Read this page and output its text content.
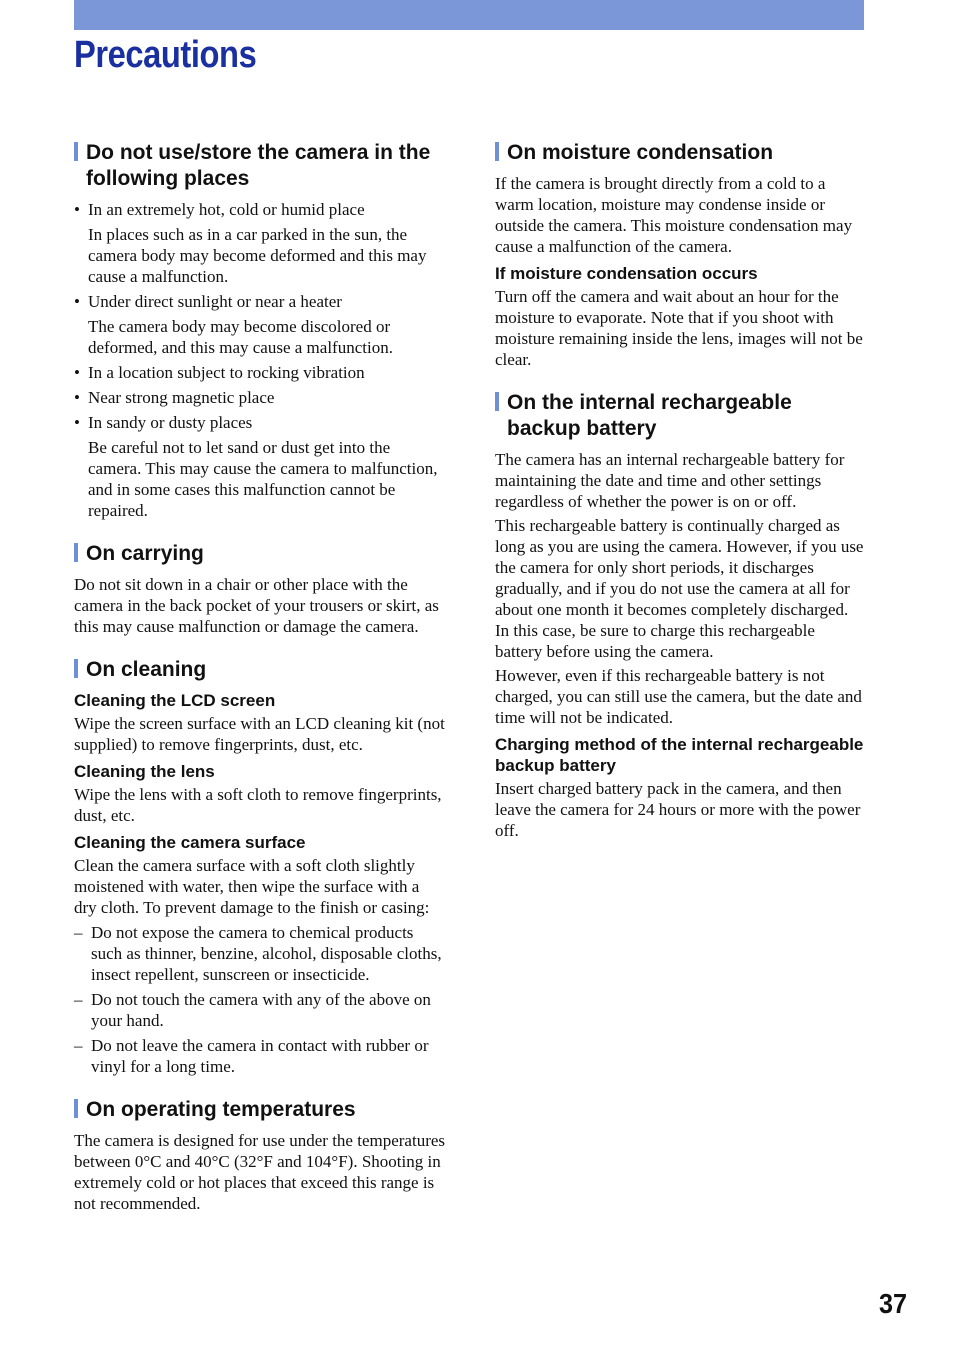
Precautions
Do not use/store the camera in the following places
• In an extremely hot, cold or humid place
In places such as in a car parked in the sun, the camera body may become deformed and this may cause a malfunction.
• Under direct sunlight or near a heater
The camera body may become discolored or deformed, and this may cause a malfunction.
• In a location subject to rocking vibration
• Near strong magnetic place
• In sandy or dusty places
Be careful not to let sand or dust get into the camera. This may cause the camera to malfunction, and in some cases this malfunction cannot be repaired.
On carrying

Do not sit down in a chair or other place with the camera in the back pocket of your trousers or skirt, as this may cause malfunction or damage the camera.

On cleaning
Cleaning the LCD screen

Wipe the screen surface with an LCD cleaning kit (not supplied) to remove fingerprints, dust, etc.

Cleaning the lens

Wipe the lens with a soft cloth to remove fingerprints, dust, etc.

Cleaning the camera surface

Clean the camera surface with a soft cloth slightly moistened with water, then wipe the surface with a dry cloth. To prevent damage to the finish or casing:

– Do not expose the camera to chemical products such as thinner, benzine, alcohol, disposable cloths, insect repellent, sunscreen or insecticide.
– Do not touch the camera with any of the above on your hand.
– Do not leave the camera in contact with rubber or vinyl for a long time.
On operating temperatures

The camera is designed for use under the temperatures between 0°C and 40°C (32°F and 104°F). Shooting in extremely cold or hot places that exceed this range is not recommended.

On moisture condensation

If the camera is brought directly from a cold to a warm location, moisture may condense inside or outside the camera. This moisture condensation may cause a malfunction of the camera.

If moisture condensation occurs

Turn off the camera and wait about an hour for the moisture to evaporate. Note that if you shoot with moisture remaining inside the lens, images will not be clear.

On the internal rechargeable backup battery

The camera has an internal rechargeable battery for maintaining the date and time and other settings regardless of whether the power is on or off.

This rechargeable battery is continually charged as long as you are using the camera. However, if you use the camera for only short periods, it discharges gradually, and if you do not use the camera at all for about one month it becomes completely discharged. In this case, be sure to charge this rechargeable battery before using the camera.

However, even if this rechargeable battery is not charged, you can still use the camera, but the date and time will not be indicated.

Charging method of the internal rechargeable backup battery

Insert charged battery pack in the camera, and then leave the camera for 24 hours or more with the power off.

37
